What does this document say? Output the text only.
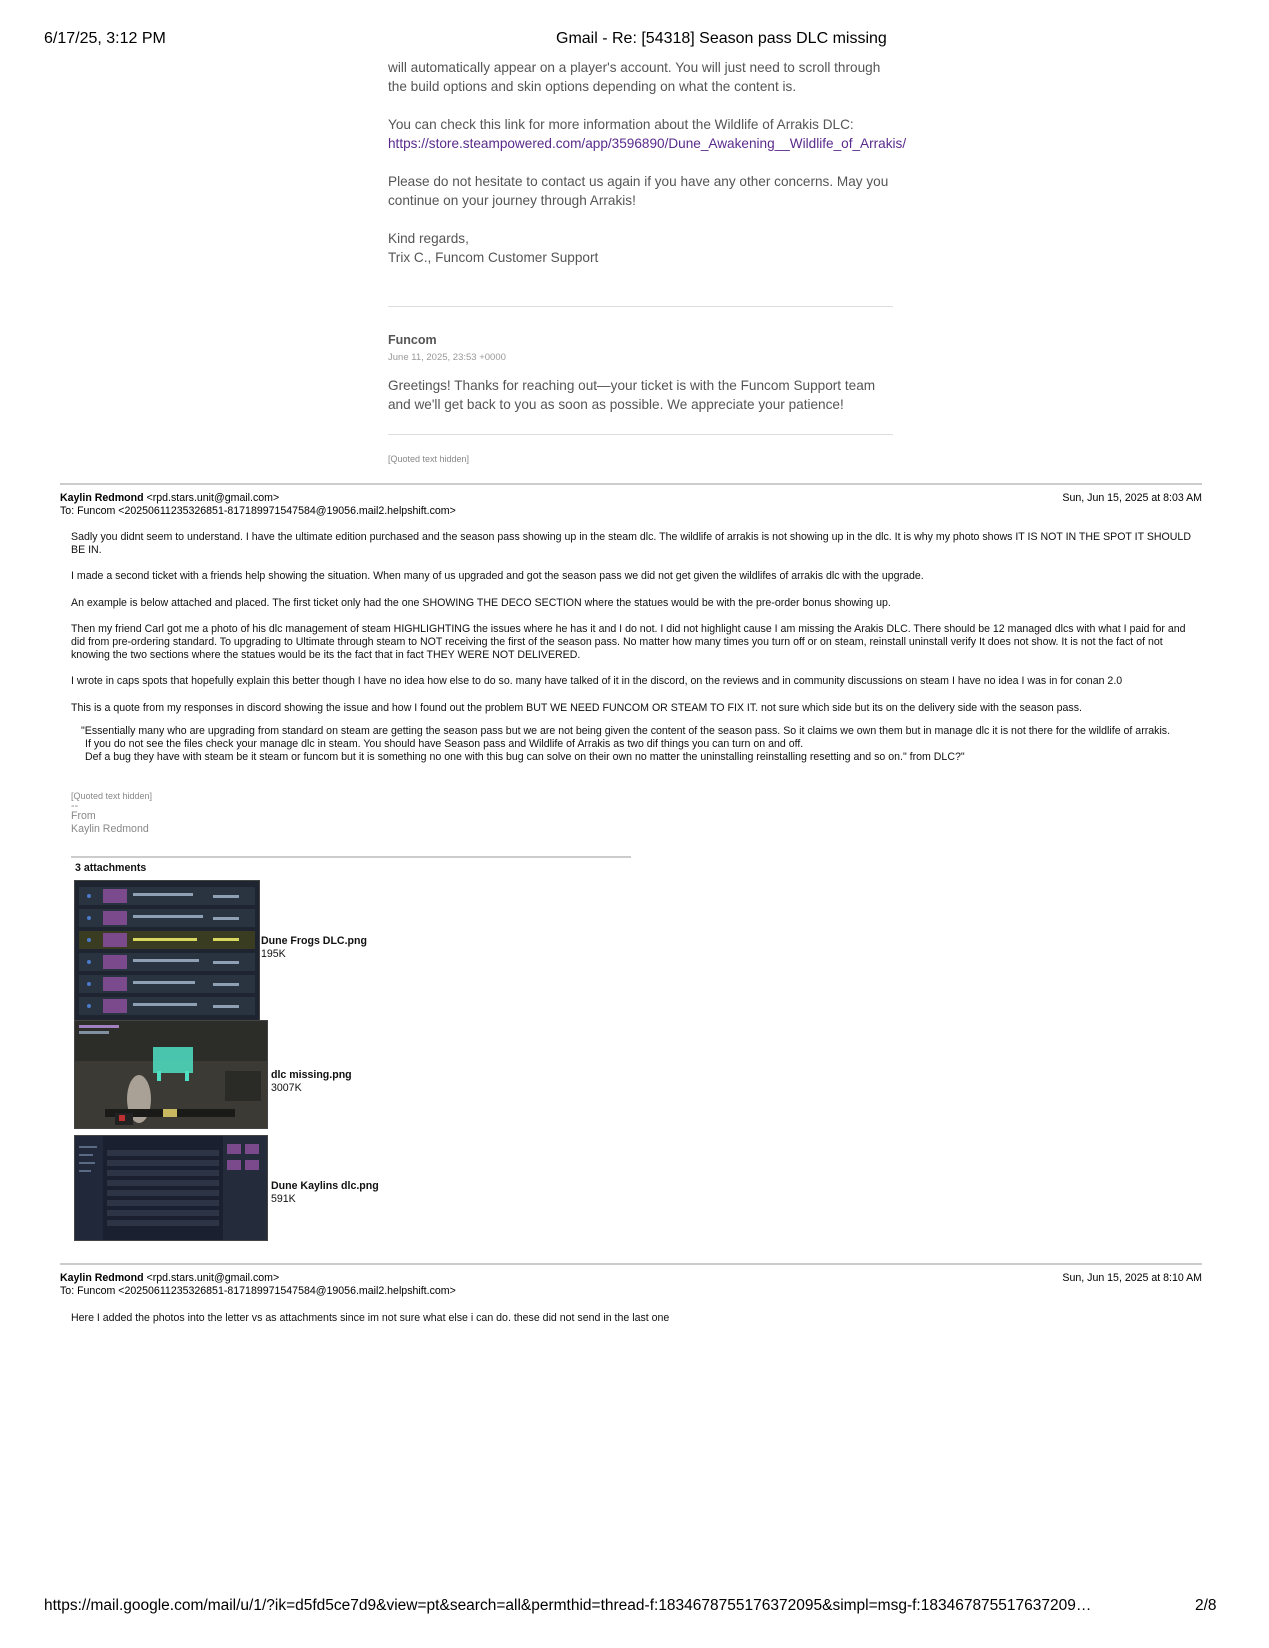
6/17/25, 3:12 PM	Gmail - Re: [54318] Season pass DLC missing

will automatically appear on a player's account. You will just need to scroll through the build options and skin options depending on what the content is.

You can check this link for more information about the Wildlife of Arrakis DLC:

https://store.steampowered.com/app/3596890/Dune_Awakening__Wildlife_of_Arrakis/

Please do not hesitate to contact us again if you have any other concerns. May you continue on your journey through Arrakis!

Kind regards,

Trix C., Funcom Customer Support

Funcom
June 11, 2025, 23:53 +0000

Greetings! Thanks for reaching out—your ticket is with the Funcom Support team and we'll get back to you as soon as possible. We appreciate your patience!

[Quoted text hidden]
Kaylin Redmond <rpd.stars.unit@gmail.com>
To: Funcom <20250611235326851-817189971547584@19056.mail2.helpshift.com>
Sun, Jun 15, 2025 at 8:03 AM

Sadly you didnt seem to understand. I have the ultimate edition purchased and the season pass showing up in the steam dlc. The wildlife of arrakis is not showing up in the dlc. It is why my photo shows IT IS NOT IN THE SPOT IT SHOULD BE IN.

I made a second ticket with a friends help showing the situation. When many of us upgraded and got the season pass we did not get given the wildlifes of arrakis dlc with the upgrade.

An example is below attached and placed. The first ticket only had the one SHOWING THE DECO SECTION where the statues would be with the pre-order bonus showing up.

Then my friend Carl got me a photo of his dlc management of steam HIGHLIGHTING the issues where he has it and I do not. I did not highlight cause I am missing the Arakis DLC. There should be 12 managed dlcs with what I paid for and did from pre-ordering standard. To upgrading to Ultimate through steam to NOT receiving the first of the season pass. No matter how many times you turn off or on steam, reinstall uninstall verify It does not show. It is not the fact of not knowing the two sections where the statues would be its the fact that in fact THEY WERE NOT DELIVERED.

I wrote in caps spots that hopefully explain this better though I have no idea how else to do so. many have talked of it in the discord, on the reviews and in community discussions on steam I have no idea I was in for conan 2.0

This is a quote from my responses in discord showing the issue and how I found out the problem BUT WE NEED FUNCOM OR STEAM TO FIX IT. not sure which side but its on the delivery side with the season pass.

"Essentially many who are upgrading from standard on steam are getting the season pass but we are not being given the content of the season pass. So it claims we own them but in manage dlc it is not there for the wildlife of arrakis.
If you do not see the files check your manage dlc in steam. You should have Season pass and Wildlife of Arrakis as two dif things you can turn on and off.
Def a bug they have with steam be it steam or funcom but it is something no one with this bug can solve on their own no matter the uninstalling reinstalling resetting and so on." from DLC?"
[Quoted text hidden]
--
From
Kaylin Redmond
3 attachments
Dune Frogs DLC.png
195K
dlc missing.png
3007K
Dune Kaylins dlc.png
591K
Kaylin Redmond <rpd.stars.unit@gmail.com>
To: Funcom <20250611235326851-817189971547584@19056.mail2.helpshift.com>
Sun, Jun 15, 2025 at 8:10 AM

Here I added the photos into the letter vs as attachments since im not sure what else i can do. these did not send in the last one

https://mail.google.com/mail/u/1/?ik=d5fd5ce7d9&view=pt&search=all&permthid=thread-f:1834678755176372095&simpl=msg-f:183467875517637209…	2/8
